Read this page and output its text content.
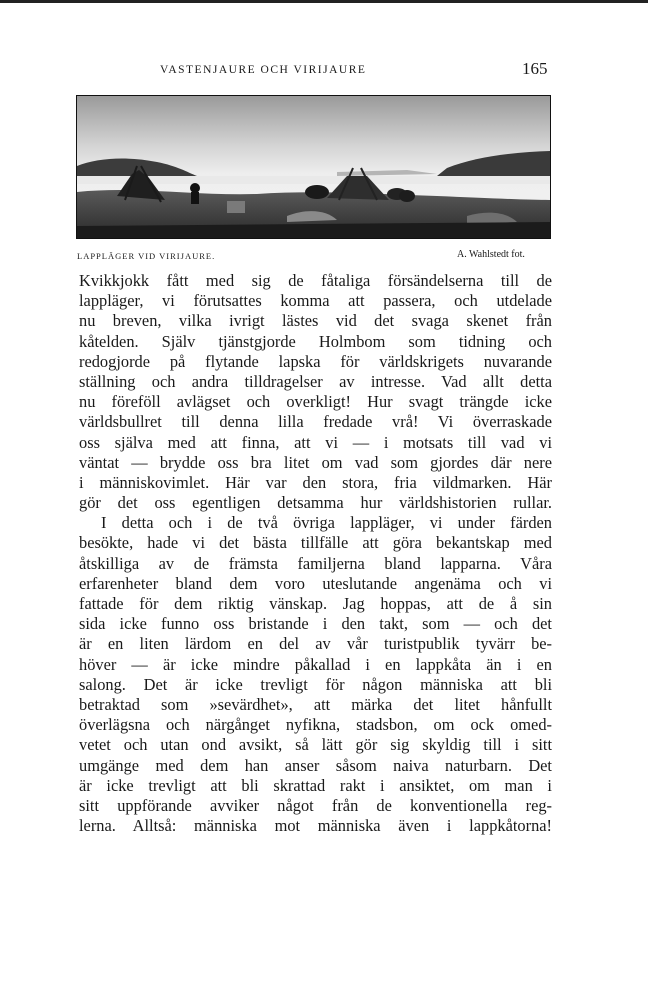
VASTENJAURE OCH VIRIJAURE	165
LAPPLÄGER VID VIRIJAURE.	A. Wahlstedt fot.
Kvikkjokk fått med sig de fåtaliga försändelserna till de
lappläger, vi förutsattes komma att passera, och utdelade
nu breven, vilka ivrigt lästes vid det svaga skenet från
kåtelden. Själv tjänstgjorde Holmbom som tidning och
redogjorde på flytande lapska för världskrigets nuvarande
ställning och andra tilldragelser av intresse. Vad allt detta
nu föreföll avlägset och overkligt! Hur svagt trängde icke
världsbullret till denna lilla fredade vrå! Vi överraskade
oss själva med att finna, att vi — i motsats till vad vi
väntat — brydde oss bra litet om vad som gjordes där nere
i människovimlet. Här var den stora, fria vildmarken. Här
gör det oss egentligen detsamma hur världshistorien rullar.
I detta och i de två övriga lappläger, vi under färden
besökte, hade vi det bästa tillfälle att göra bekantskap med
åtskilliga av de främsta familjerna bland lapparna. Våra
erfarenheter bland dem voro uteslutande angenäma och vi
fattade för dem riktig vänskap. Jag hoppas, att de å sin
sida icke funno oss bristande i den takt, som — och det
är en liten lärdom en del av vår turistpublik tyvärr be-
höver — är icke mindre påkallad i en lappkåta än i en
salong. Det är icke trevligt för någon människa att bli
betraktad som »sevärdhet», att märka det litet hånfullt
överlägsna och närgånget nyfikna, stadsbon, om ock omed-
vetet och utan ond avsikt, så lätt gör sig skyldig till i sitt
umgänge med dem han anser såsom naiva naturbarn. Det
är icke trevligt att bli skrattad rakt i ansiktet, om man i
sitt uppförande avviker något från de konventionella reg-
lerna. Alltså: människa mot människa även i lappkåtorna!
